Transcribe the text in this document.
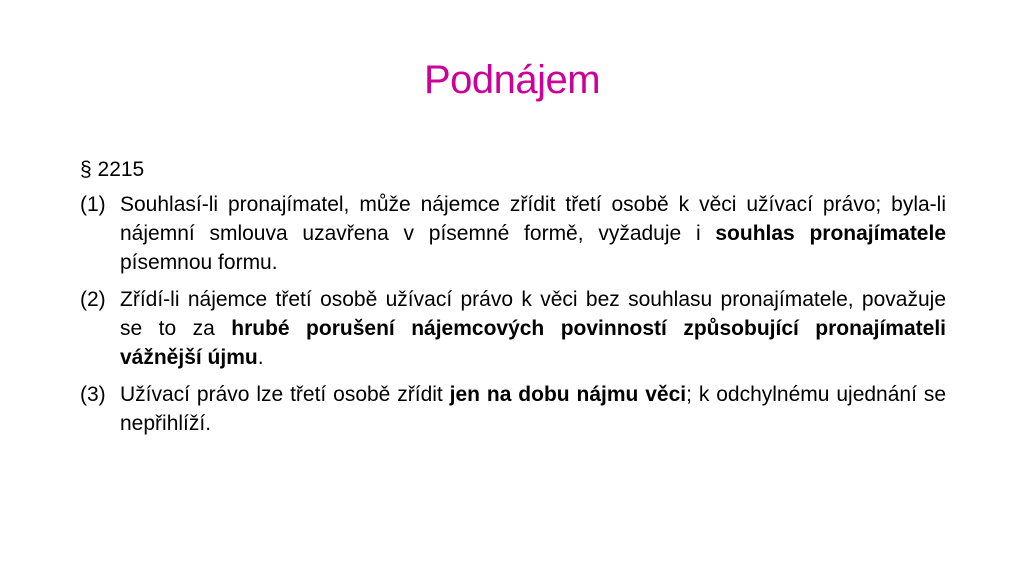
Podnájem
§ 2215
(1) Souhlasí-li pronajímatel, může nájemce zřídit třetí osobě k věci užívací právo; byla-li nájemní smlouva uzavřena v písemné formě, vyžaduje i souhlas pronajímatele písemnou formu.
(2) Zřídí-li nájemce třetí osobě užívací právo k věci bez souhlasu pronajímatele, považuje se to za hrubé porušení nájemcových povinností způsobující pronajímateli vážnější újmu.
(3) Užívací právo lze třetí osobě zřídit jen na dobu nájmu věci; k odchylnému ujednání se nepřihlíží.
